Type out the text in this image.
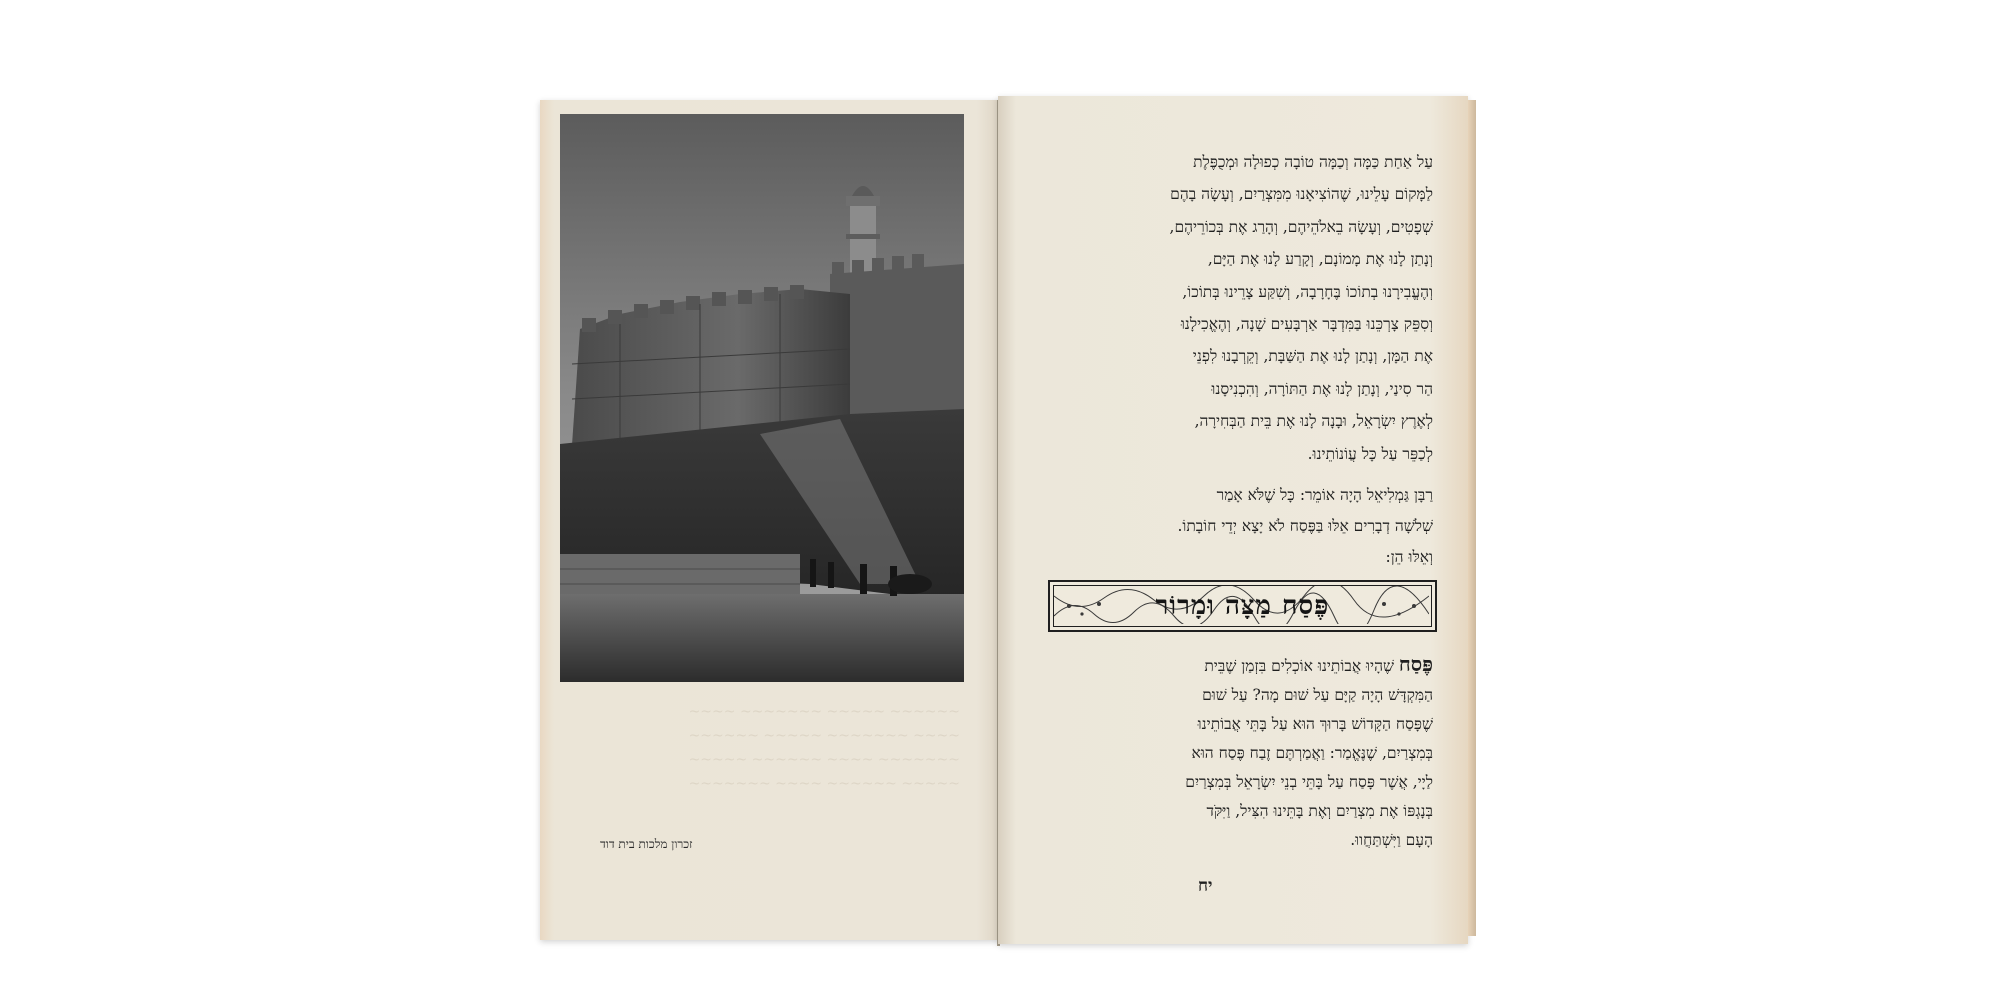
~~~~~~ ~~~~~ ~~~~~~~ ~~~~
~~~~ ~~~~~~~ ~~~~~ ~~~~~~
~~~~~~~ ~~~~ ~~~~~~ ~~~~~
~~~~~ ~~~~~~ ~~~~ ~~~~~~~
זכרון מלכות בית דוד
עַל אַחַת כַּמָּה וְכַמָּה טוֹבָה כְפוּלָה וּמְכֻפֶּלֶת
לַמָּקוֹם עָלֵינוּ, שֶׁהוֹצִיאָנוּ מִמִּצְרַיִם, וְעָשָׂה בָהֶם
שְׁפָטִים, וְעָשָׂה בֵאלֹהֵיהֶם, וְהָרַג אֶת בְּכוֹרֵיהֶם,
וְנָתַן לָנוּ אֶת מָמוֹנָם, וְקָרַע לָנוּ אֶת הַיָּם,
וְהֶעֱבִירָנוּ בְתוֹכוֹ בֶּחָרָבָה, וְשִׁקַּע צָרֵינוּ בְּתוֹכוֹ,
וְסִפֵּק צָרְכֵּנוּ בַּמִּדְבָּר אַרְבָּעִים שָׁנָה, וְהֶאֱכִילָנוּ
אֶת הַמָּן, וְנָתַן לָנוּ אֶת הַשַּׁבָּת, וְקֵרְבָנוּ לִפְנֵי
הַר סִינַי, וְנָתַן לָנוּ אֶת הַתּוֹרָה, וְהִכְנִיסָנוּ
לְאֶרֶץ יִשְׂרָאֵל, וּבָנָה לָנוּ אֶת בֵּית הַבְּחִירָה,
לְכַפֵּר עַל כָּל עֲוֹנוֹתֵינוּ.
רַבָּן גַּמְלִיאֵל הָיָה אוֹמֵר: כָּל שֶׁלֹּא אָמַר
שְׁלֹשָׁה דְבָרִים אֵלּוּ בַּפֶּסַח לֹא יָצָא יְדֵי חוֹבָתוֹ.
וְאֵלּוּ הֵן:
פֶּסַח מַצָּה וּמָרוֹר
פֶּסַח שֶׁהָיוּ אֲבוֹתֵינוּ אוֹכְלִים בִּזְמַן שֶׁבֵּית
הַמִּקְדָּשׁ הָיָה קַיָּם עַל שׁוּם מָה? עַל שׁוּם
שֶׁפָּסַח הַקָּדוֹשׁ בָּרוּךְ הוּא עַל בָּתֵּי אֲבוֹתֵינוּ
בְּמִצְרַיִם, שֶׁנֶּאֱמַר: וַאֲמַרְתֶּם זֶבַח פֶּסַח הוּא
לַיָי, אֲשֶׁר פָּסַח עַל בָּתֵּי בְנֵי יִשְׂרָאֵל בְּמִצְרַיִם
בְּנָגְפּוֹ אֶת מִצְרַיִם וְאֶת בָּתֵּינוּ הִצִּיל, וַיִּקֹּד
הָעָם וַיִּשְׁתַּחֲווּ.
יח
